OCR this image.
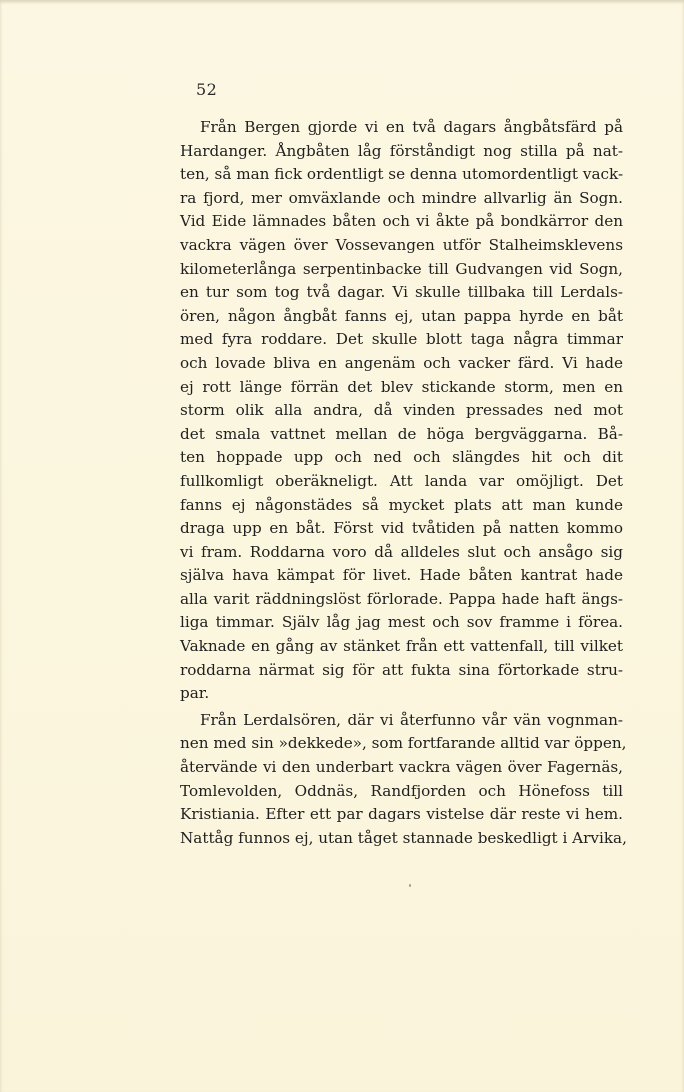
52
Från Bergen gjorde vi en två dagars ångbåtsfärd på
Hardanger. Ångbåten låg förståndigt nog stilla på nat-
ten, så man fick ordentligt se denna utomordentligt vack-
ra fjord, mer omväxlande och mindre allvarlig än Sogn.
Vid Eide lämnades båten och vi åkte på bondkärror den
vackra vägen över Vossevangen utför Stalheimsklevens
kilometerlånga serpentinbacke till Gudvangen vid Sogn,
en tur som tog två dagar. Vi skulle tillbaka till Lerdals-
ören, någon ångbåt fanns ej, utan pappa hyrde en båt
med fyra roddare. Det skulle blott taga några timmar
och lovade bliva en angenäm och vacker färd. Vi hade
ej rott länge förrän det blev stickande storm, men en
storm olik alla andra, då vinden pressades ned mot
det smala vattnet mellan de höga bergväggarna. Bå-
ten hoppade upp och ned och slängdes hit och dit
fullkomligt oberäkneligt. Att landa var omöjligt. Det
fanns ej någonstädes så mycket plats att man kunde
draga upp en båt. Först vid tvåtiden på natten kommo
vi fram. Roddarna voro då alldeles slut och ansågo sig
själva hava kämpat för livet. Hade båten kantrat hade
alla varit räddningslöst förlorade. Pappa hade haft ängs-
liga timmar. Själv låg jag mest och sov framme i förea.
Vaknade en gång av stänket från ett vattenfall, till vilket
roddarna närmat sig för att fukta sina förtorkade stru-
par.
Från Lerdalsören, där vi återfunno vår vän vognman-
nen med sin »dekkede», som fortfarande alltid var öppen,
återvände vi den underbart vackra vägen över Fagernäs,
Tomlevolden, Oddnäs, Randfjorden och Hönefoss till
Kristiania. Efter ett par dagars vistelse där reste vi hem.
Nattåg funnos ej, utan tåget stannade beskedligt i Arvika,
